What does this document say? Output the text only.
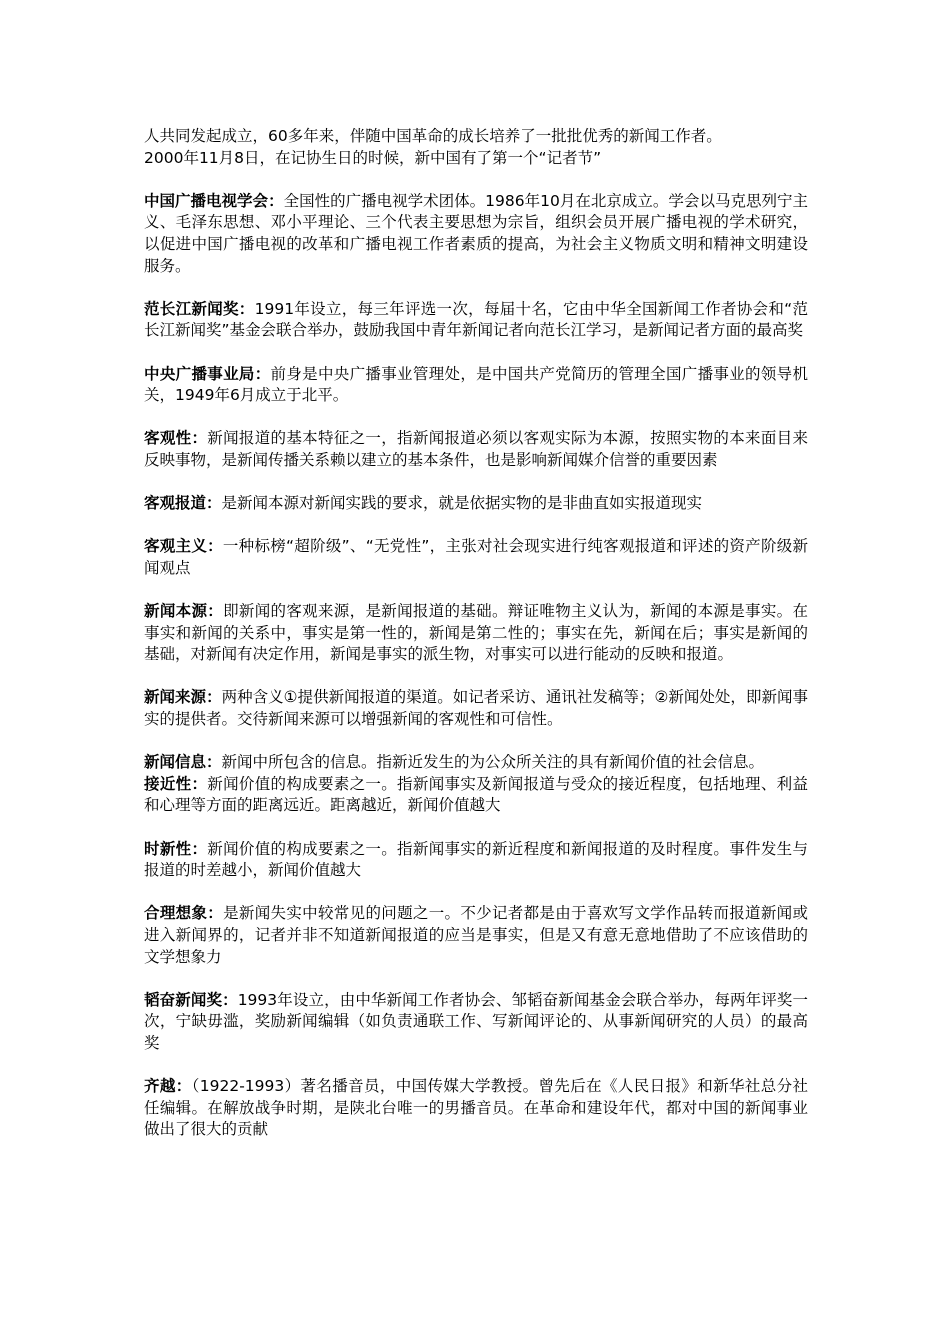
人共同发起成立，60多年来，伴随中国革命的成长培养了一批批优秀的新闻工作者。
2000年11月8日，在记协生日的时候，新中国有了第一个“记者节”

中国广播电视学会：全国性的广播电视学术团体。1986年10月在北京成立。学会以马克思列宁主义、毛泽东思想、邓小平理论、三个代表主要思想为宗旨，组织会员开展广播电视的学术研究，以促进中国广播电视的改革和广播电视工作者素质的提高，为社会主义物质文明和精神文明建设服务。

范长江新闻奖：1991年设立，每三年评选一次，每届十名，它由中华全国新闻工作者协会和“范长江新闻奖”基金会联合举办，鼓励我国中青年新闻记者向范长江学习，是新闻记者方面的最高奖

中央广播事业局：前身是中央广播事业管理处，是中国共产党简历的管理全国广播事业的领导机关，1949年6月成立于北平。

客观性：新闻报道的基本特征之一，指新闻报道必须以客观实际为本源，按照实物的本来面目来反映事物，是新闻传播关系赖以建立的基本条件，也是影响新闻媒介信誉的重要因素

客观报道：是新闻本源对新闻实践的要求，就是依据实物的是非曲直如实报道现实

客观主义：一种标榜“超阶级”、“无党性”，主张对社会现实进行纯客观报道和评述的资产阶级新闻观点

新闻本源：即新闻的客观来源，是新闻报道的基础。辩证唯物主义认为，新闻的本源是事实。在事实和新闻的关系中，事实是第一性的，新闻是第二性的；事实在先，新闻在后；事实是新闻的基础，对新闻有决定作用，新闻是事实的派生物，对事实可以进行能动的反映和报道。

新闻来源：两种含义①提供新闻报道的渠道。如记者采访、通讯社发稿等；②新闻处处，即新闻事实的提供者。交待新闻来源可以增强新闻的客观性和可信性。

新闻信息：新闻中所包含的信息。指新近发生的为公众所关注的具有新闻价值的社会信息。

接近性：新闻价值的构成要素之一。指新闻事实及新闻报道与受众的接近程度，包括地理、利益和心理等方面的距离远近。距离越近，新闻价值越大

时新性：新闻价值的构成要素之一。指新闻事实的新近程度和新闻报道的及时程度。事件发生与报道的时差越小，新闻价值越大

合理想象：是新闻失实中较常见的问题之一。不少记者都是由于喜欢写文学作品转而报道新闻或进入新闻界的，记者并非不知道新闻报道的应当是事实，但是又有意无意地借助了不应该借助的文学想象力

韬奋新闻奖：1993年设立，由中华新闻工作者协会、邹韬奋新闻基金会联合举办，每两年评奖一次，宁缺毋滥，奖励新闻编辑（如负责通联工作、写新闻评论的、从事新闻研究的人员）的最高奖

齐越：（1922-1993）著名播音员，中国传媒大学教授。曾先后在《人民日报》和新华社总分社任编辑。在解放战争时期，是陕北台唯一的男播音员。在革命和建设年代，都对中国的新闻事业做出了很大的贡献
